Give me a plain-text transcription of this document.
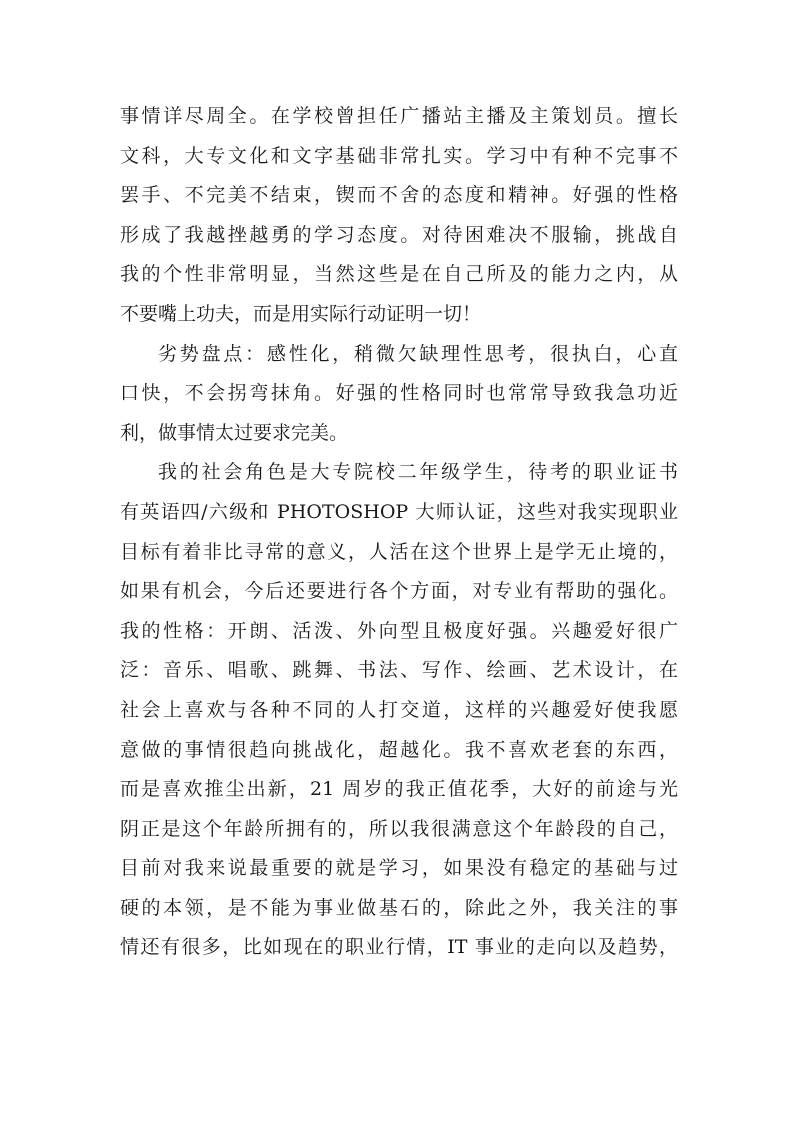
事情详尽周全。在学校曾担任广播站主播及主策划员。擅长
文科，大专文化和文字基础非常扎实。学习中有种不完事不
罢手、不完美不结束，锲而不舍的态度和精神。好强的性格
形成了我越挫越勇的学习态度。对待困难决不服输，挑战自
我的个性非常明显，当然这些是在自己所及的能力之内，从
不要嘴上功夫，而是用实际行动证明一切！
劣势盘点：感性化，稍微欠缺理性思考，很执白，心直
口快，不会拐弯抹角。好强的性格同时也常常导致我急功近
利，做事情太过要求完美。
我的社会角色是大专院校二年级学生，待考的职业证书
有英语四/六级和 PHOTOSHOP 大师认证，这些对我实现职业
目标有着非比寻常的意义，人活在这个世界上是学无止境的，
如果有机会，今后还要进行各个方面，对专业有帮助的强化。
我的性格：开朗、活泼、外向型且极度好强。兴趣爱好很广
泛：音乐、唱歌、跳舞、书法、写作、绘画、艺术设计，在
社会上喜欢与各种不同的人打交道，这样的兴趣爱好使我愿
意做的事情很趋向挑战化，超越化。我不喜欢老套的东西，
而是喜欢推尘出新，21 周岁的我正值花季，大好的前途与光
阴正是这个年龄所拥有的，所以我很满意这个年龄段的自己，
目前对我来说最重要的就是学习，如果没有稳定的基础与过
硬的本领，是不能为事业做基石的，除此之外，我关注的事
情还有很多，比如现在的职业行情，IT 事业的走向以及趋势，
